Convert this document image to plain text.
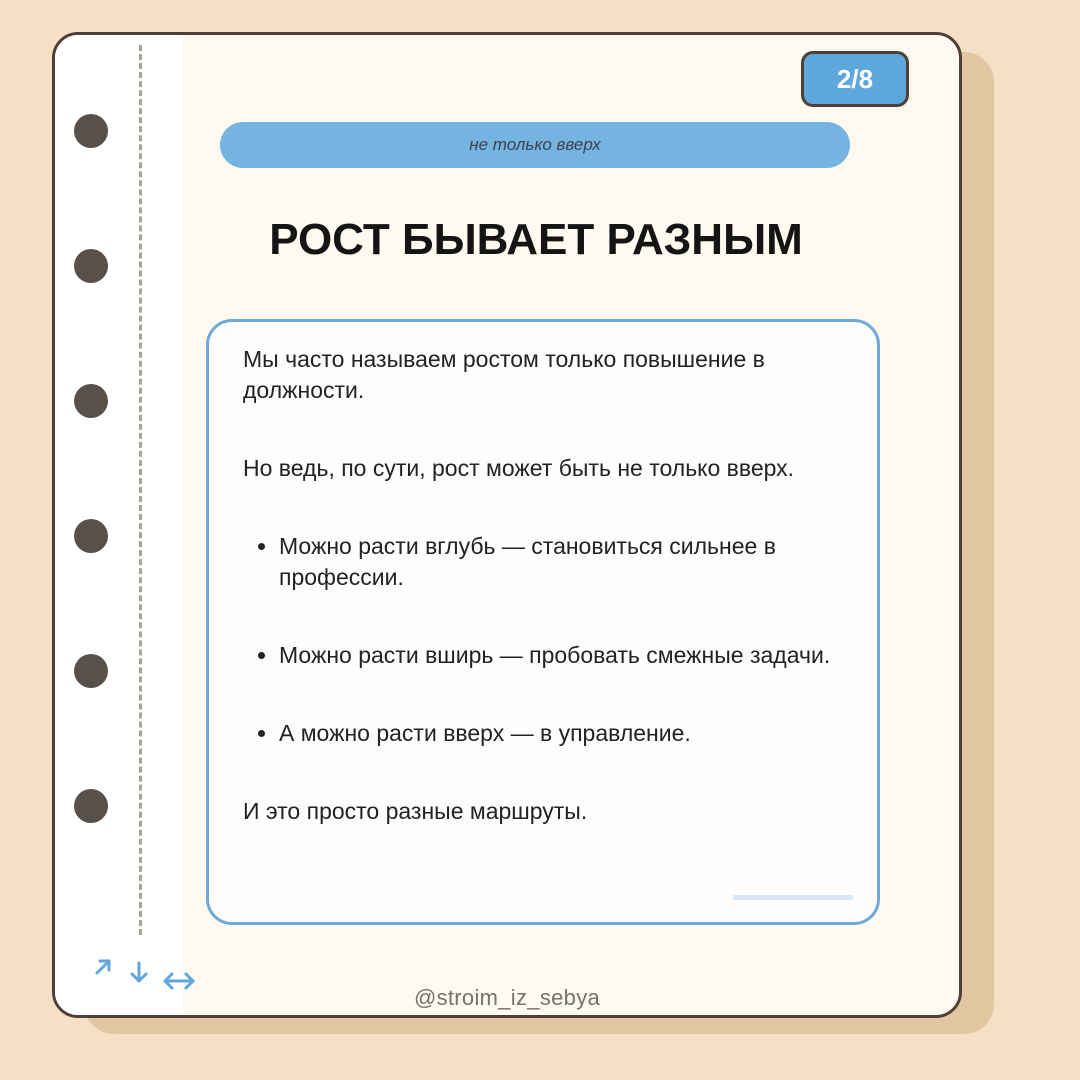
2/8
не только вверх
РОСТ БЫВАЕТ РАЗНЫМ

Мы часто называем ростом только повышение в должности.

Но ведь, по сути, рост может быть не только вверх.

• Можно расти вглубь — становиться сильнее в профессии.
• Можно расти вширь — пробовать смежные задачи.
• А можно расти вверх — в управление.

И это просто разные маршруты.

@stroim_iz_sebya
